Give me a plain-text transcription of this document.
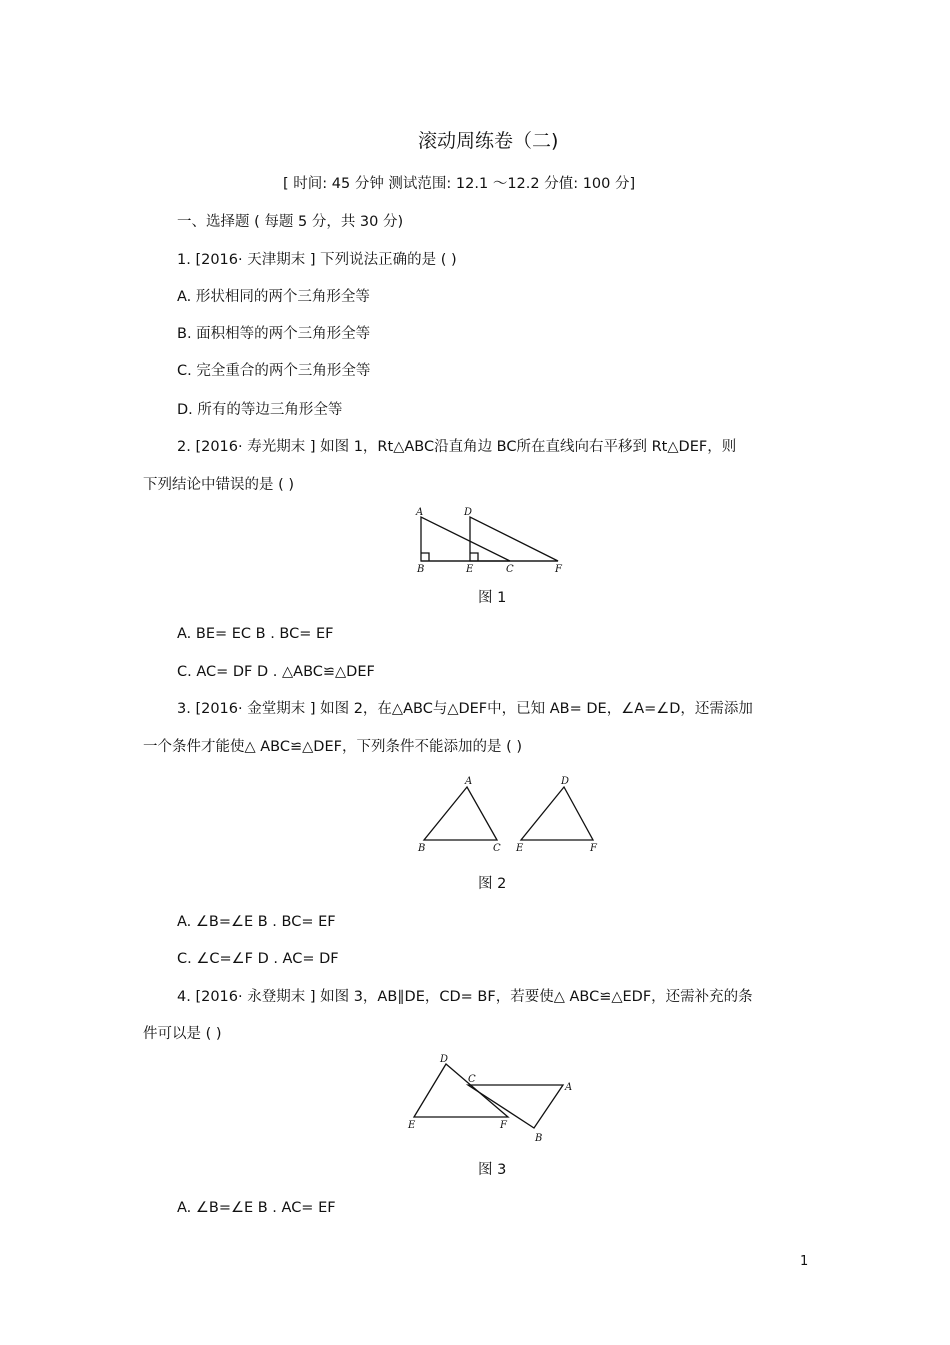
滚动周练卷（二)
[ 时间: 45 分钟 测试范围: 12.1 ～12.2 分值: 100 分]
一、选择题 ( 每题 5 分，共 30 分)
1. [2016· 天津期末 ] 下列说法正确的是 ( )
A. 形状相同的两个三角形全等
B. 面积相等的两个三角形全等
C. 完全重合的两个三角形全等
D. 所有的等边三角形全等
2. [2016· 寿光期末 ] 如图 1，Rt△ABC沿直角边 BC所在直线向右平移到 Rt△DEF，则
下列结论中错误的是 ( )
A	D
B	E	C	F
图 1
A. BE= EC B . BC= EF
C. AC= DF D . △ABC≌△DEF
3. [2016· 金堂期末 ] 如图 2，在△ABC与△DEF中，已知 AB= DE，∠A=∠D，还需添加
一个条件才能使△ ABC≌△DEF，下列条件不能添加的是 ( )
A	D
B	C E	F
图 2
A. ∠B=∠E B . BC= EF
C. ∠C=∠F D . AC= DF
4. [2016· 永登期末 ] 如图 3，AB∥DE，CD= BF，若要使△ ABC≌△EDF，还需补充的条
件可以是 ( )
D
C
A
E	F
B
图 3
A. ∠B=∠E B . AC= EF
1
